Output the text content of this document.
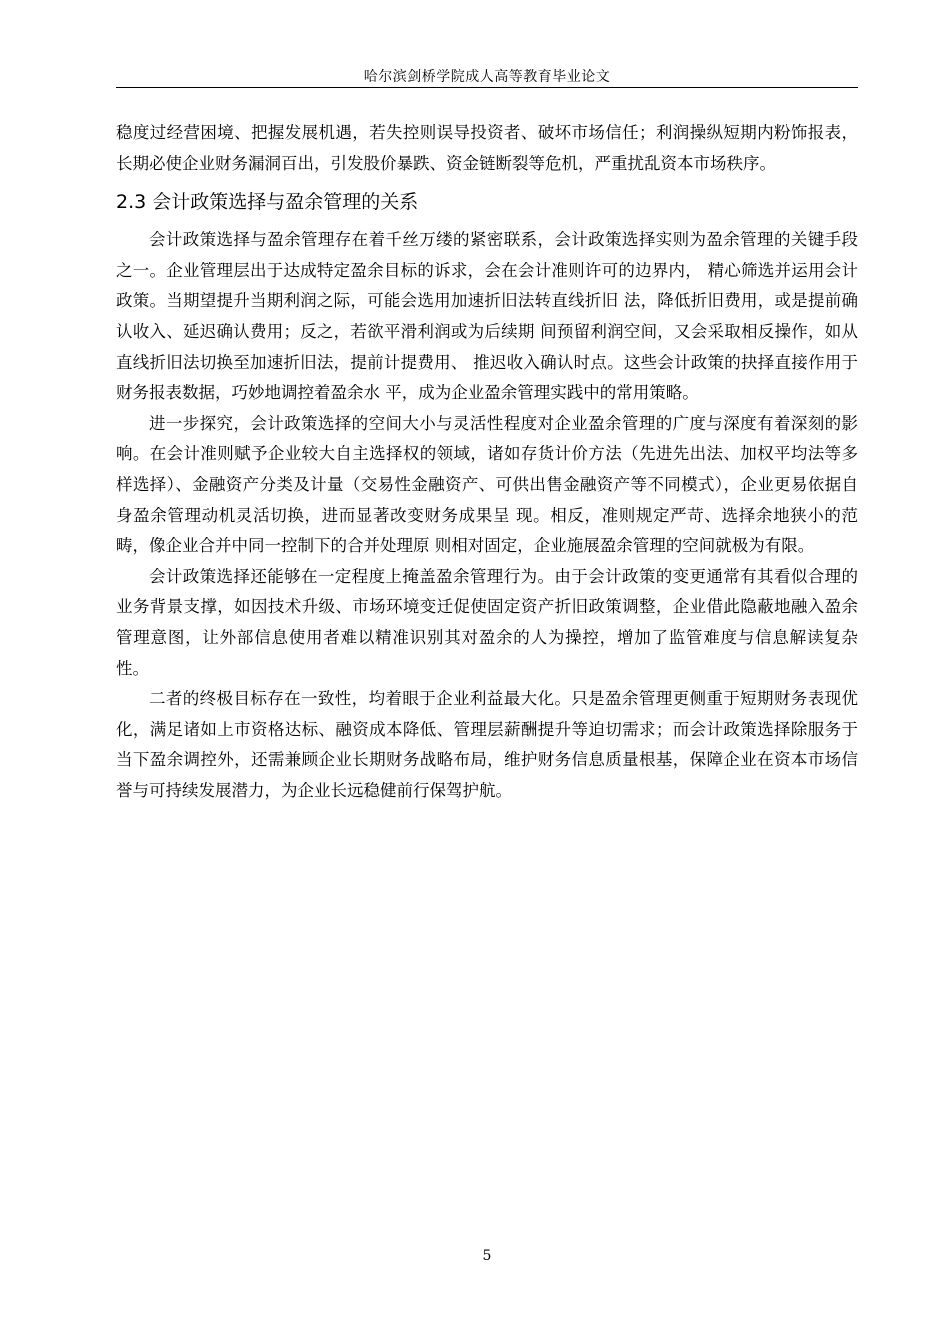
哈尔滨剑桥学院成人高等教育毕业论文

稳度过经营困境、把握发展机遇，若失控则误导投资者、破坏市场信任；利润操纵短期内粉饰报表，长期必使企业财务漏洞百出，引发股价暴跌、资金链断裂等危机，严重扰乱资本市场秩序。

2.3 会计政策选择与盈余管理的关系

会计政策选择与盈余管理存在着千丝万缕的紧密联系，会计政策选择实则为盈余管理的关键手段之一。企业管理层出于达成特定盈余目标的诉求，会在会计准则许可的边界内， 精心筛选并运用会计政策。当期望提升当期利润之际，可能会选用加速折旧法转直线折旧 法，降低折旧费用，或是提前确认收入、延迟确认费用；反之，若欲平滑利润或为后续期 间预留利润空间，又会采取相反操作，如从直线折旧法切换至加速折旧法，提前计提费用、 推迟收入确认时点。这些会计政策的抉择直接作用于财务报表数据，巧妙地调控着盈余水 平，成为企业盈余管理实践中的常用策略。

进一步探究，会计政策选择的空间大小与灵活性程度对企业盈余管理的广度与深度有着深刻的影响。在会计准则赋予企业较大自主选择权的领域，诸如存货计价方法（先进先出法、加权平均法等多样选择）、金融资产分类及计量（交易性金融资产、可供出售金融资产等不同模式），企业更易依据自身盈余管理动机灵活切换，进而显著改变财务成果呈 现。相反，准则规定严苛、选择余地狭小的范畴，像企业合并中同一控制下的合并处理原 则相对固定，企业施展盈余管理的空间就极为有限。

会计政策选择还能够在一定程度上掩盖盈余管理行为。由于会计政策的变更通常有其看似合理的业务背景支撑，如因技术升级、市场环境变迁促使固定资产折旧政策调整，企业借此隐蔽地融入盈余管理意图，让外部信息使用者难以精准识别其对盈余的人为操控，增加了监管难度与信息解读复杂性。

二者的终极目标存在一致性，均着眼于企业利益最大化。只是盈余管理更侧重于短期财务表现优化，满足诸如上市资格达标、融资成本降低、管理层薪酬提升等迫切需求；而会计政策选择除服务于当下盈余调控外，还需兼顾企业长期财务战略布局，维护财务信息质量根基，保障企业在资本市场信誉与可持续发展潜力，为企业长远稳健前行保驾护航。

5
